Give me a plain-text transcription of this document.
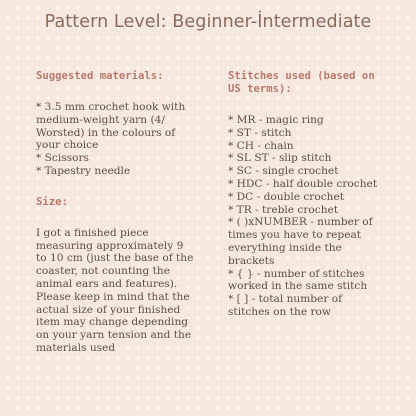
Pattern Level: Beginner-İntermediate
Suggested materials:
* 3.5 mm crochet hook with
medium-weight yarn (4/
Worsted) in the colours of
your choice
* Scissors
* Tapestry needle
Size:
I got a finished piece
measuring approximately 9
to 10 cm (just the base of the
coaster, not counting the
animal ears and features).
Please keep in mind that the
actual size of your finished
item may change depending
on your yarn tension and the
materials used
Stitches used (based on
US terms):
* MR - magic ring
* ST - stitch
* CH - chain
* SL ST - slip stitch
* SC - single crochet
* HDC - half double crochet
* DC - double crochet
* TR - treble crochet
* ( )xNUMBER - number of
times you have to repeat
everything inside the
brackets
* { } - number of stitches
worked in the same stitch
* [ ] - total number of
stitches on the row
